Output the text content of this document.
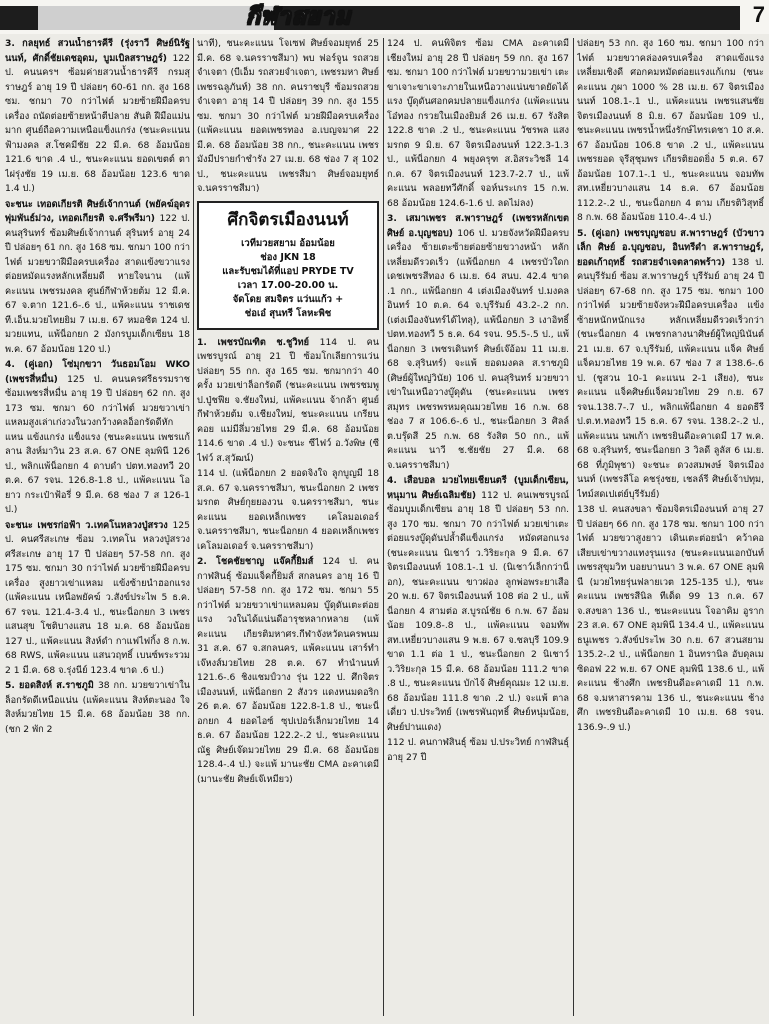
กีฬาสยาม	7

3. กลยุทธ์ สวนน้ำธารคีรี (รุ่งราวี ศิษย์นิรัฐนนท์, ศักดิ์ชัยเดชอุดม, บูมเบิลสราษฎร์) 122 ป. คนนครฯ ซ้อมค่ายสวนน้ำธารคีรี กรมสุราษฎร์ อายุ 19 ปี ปล่อยๆ 60-61 กก. สูง 168 ซม. ชกมา 70 กว่าไฟต์ มวยซ้ายฝีมือครบเครื่อง ถนัดต่อยซ้ายหน้าตีปลาย สันติ ฝีมือแม่นมาก ศูนย์ถือความเหนือแข็งแกร่ง (ชนะคะแนน ฟ้ามงคล ส.โชคมีชัย 22 มี.ค. 68 อ้อมน้อย 121.6 ขาด .4 ป., ชนะคะแนน ยอดเขตต์ ตาไผ่รุ่งชัย 19 เม.ย. 68 อ้อมน้อย 123.6 ขาด 1.4 ป.)

จะชนะ เทอดเกียรติ ศิษย์เจ้ากานต์ (พยัคฆ์อุดร พุ่มพันธ์ม่วง, เทอดเกียรติ จ.ศรีพรีมา) 122 ป. คนสุรินทร์ ซ้อมศิษย์เจ้ากานต์ สุรินทร์ อายุ 24 ปี ปล่อยๆ 61 กก. สูง 168 ซม. ชกมา 100 กว่าไฟต์ มวยขวาฝีมือครบเครื่อง สาดแข้งขวาแรง ต่อยหมัดแรงหลักเหลี่ยมดี หายใจนาน (แพ้คะแนน เพชรมงคล ศูนย์กีฬาห้วยต้ม 12 มี.ค. 67 จ.ตาก 121.6-.6 ป., แพ้คะแนน ราชเดช ที.เอ็น.มวยไทยยิม 7 เม.ย. 67 หมอชิต 124 ป. มวยแทน, แพ้น็อกยก 2 มังกรบูมเด็กเซียน 18 พ.ค. 67 อ้อมน้อย 120 ป.)

4. (คู่เอก) โซ่มุกขวา วันธอมโอม WKO (เพชรสี่หมื่น) 125 ป. คนนครศรีธรรมราช ซ้อมเพชรสี่หมื่น อายุ 19 ปี ปล่อยๆ 62 กก. สูง 173 ซม. ชกมา 60 กว่าไฟต์ มวยขวาเข่าแหลมสูงเล่าเก่งวงในวงกว้างคลอ็อกรัดดีหักแหน แข้งแกร่ง แข็งแรง (ชนะคะแนน เพชรแก้ลาน สิงห์มาวิน 23 ส.ค. 67 ONE ลุมพินี 126 ป., พลิกแพ้น็อกยก 4 ดาบดำ ปตท.ทองทวี 20 ต.ค. 67 รจน. 126.8-1.8 ป., แพ้คะแนน โอยาว กระเป๋าฟ้อรี่ 9 มี.ค. 68 ช่อง 7 ส 126-1 ป.)

จะชนะ เพชรก่อฟ้า ว.เทคโนหลวงปู่สรวง 125 ป. คนศรีสะเกษ ซ้อม ว.เทคโน หลวงปู่สรวง ศรีสะเกษ อายุ 17 ปี ปล่อยๆ 57-58 กก. สูง 175 ซม. ชกมา 30 กว่าไฟต์ มวยซ้ายฝีมือครบเครื่อง สูงยาวเข่าแหลม แข้งซ้ายนำฮอกแรง (แพ้คะแนน เหนือพยัคฆ์ ว.สังข์ประไพ 5 ธ.ค. 67 รจน. 121.4-3.4 ป., ชนะน็อกยก 3 เพชรแสนสุข โชติบางแสน 18 ม.ค. 68 อ้อมน้อย 127 ป., แพ้คะแนน สิงห์ดำ กาแฟไฟกิ้ง 8 ก.พ. 68 RWS, แพ้คะแนน แสนวฤทธิ์ เบนซ์พระรวม 2 1 มี.ค. 68 จ.รุ่งนีย์ 123.4 ขาด .6 ป.)

5. ยอดสิงห์ ส.ราชภูมิ 38 กก. มวยขวาเข่าในล็อกรัดดีเหนือแน่น (แพ้คะแนน สิงห์ตะนอง ใจสิงห์มวยไทย 15 มี.ค. 68 อ้อมน้อย 38 กก. (ชก 2 พัก 2

นาที), ชนะคะแนน โจเซฟ ศิษย์จอมยุทธ์ 25 มี.ค. 68 จ.นครราชสีมา) พบ ฟอร์จูน รถสวยจำเจตา (บีเอ็ม รถสวยจำเจตา, เพชรมหา ศิษย์เพชรฉลูภันท์) 38 กก. คนราชบุรี ซ้อมรถสวยจำเจตา อายุ 14 ปี ปล่อยๆ 39 กก. สูง 155 ซม. ชกมา 30 กว่าไฟต์ มวยฝีมือครบเครื่อง (แพ้คะแนน ยอดเพชรทอง อ.เบญจมาศ 22 มี.ค. 68 อ้อมน้อย 38 กก., ชนะคะแนน เพชรมังมีปรายกำชำรัง 27 เม.ย. 68 ช่อง 7 สุ 102 ป., ชนะคะแนน เพชรสีมา ศิษย์จอมยุทธ์ จ.นครราชสีมา)

ศึกจิตรเมืองนนท์
เวทีมวยสยาม อ้อมน้อย
ช่อง JKN 18
และรับชมได้ที่แอป PRYDE TV
เวลา 17.00-20.00 น.
จัดโดย สมจิตร แว่นแก้ว +
ช่อเอ๋ สุนทรี โลหะพิช

1. เพชรบัณฑิต ช.ชูวิทย์ 114 ป. คนเพชรบูรณ์ อายุ 21 ปี ซ้อมโกเลียการแว่นปล่อยๆ 55 กก. สูง 165 ซม. ชกมากว่า 40 ครั้ง มวยเข่าล็อกรัดดี (ชนะคะแนน เพชรชมพู ป.ปู่ชฟีย จ.ชัยงใหม่, แพ้คะแนน จ้ากล้า ศูนย์กีฬาห้วยต้ม จ.เชียงใหม่, ชนะคะแนน เกรียนคอย แม่มีลึ่มวยไทย 29 มี.ค. 68 อ้อมน้อย 114.6 ขาด .4 ป.) จะชนะ ซีไฟว์ อ.วังพิษ (ซีไฟว์ ส.สุวัฒน์)

114 ป. (แพ้น็อกยก 2 ยอดจิงใจ ลูกบูญมี 18 ส.ค. 67 จ.นครราชสีมา, ชนะน็อกยก 2 เพชรมรกต ศิษย์กุยยองวน จ.นครราชสีมา, ชนะคะแนน ยอดเหล็กเพชร เคโลมอเดอร์ จ.นครราชสีมา, ชนะน็อกยก 4 ยอดเหล็กเพชร เคโลมอเดอร์ จ.นครราชสีมา)

2. โชคชัยชาญ แจ๊คกี้ยิมส์ 124 ป. คนกาฬสินธุ์ ซ้อมแจ็คกี้ยิมส์ สกลนคร อายุ 16 ปี ปล่อยๆ 57-58 กก. สูง 172 ซม. ชกมา 55 กว่าไฟต์ มวยขวาเข่าแหลมคม บู๊ดุดันเตะต่อยแรง วงในได้แน่นดีอารุชหลากหลาย (แพ้คะแนน เกียรติมหาศร.กีฬาจังหวัดนครพนม 31 ส.ค. 67 จ.สกลนคร, แพ้คะแนน เสาร์ทำ เจ๊หงส์มวยไทย 28 ต.ค. 67 ทำนำนนท์ 121.6-.6 ชิงแชมป์วาง รุ่น 122 ป. ศึกจิตรเมืองนนท์, แพ้น็อกยก 2 สังวร แดงหนมดอริก 26 ต.ค. 67 อ้อมน้อย 122.8-1.8 ป., ชนะน็อกยก 4 ยอดไอซ์ ซุปเปอร์เล็กมวยไทย 14 ธ.ค. 67 อ้อมน้อย 122.2-.2 ป., ชนะคะแนน ณัฐ ศิษย์เจ๊ดมวยไทย 29 มี.ค. 68 อ้อมน้อย 128.4-.4 ป.) จะแพ้ มานะชัย CMA อะคาเดมี (มานะชัย ศิษย์เจ๊เหมียว)

124 ป. คนพิจิตร ซ้อม CMA อะคาเดมี เชียงใหม่ อายุ 28 ปี ปล่อยๆ 59 กก. สูง 167 ซม. ชกมา 100 กว่าไฟต์ มวยขวามวยเข่า เตะขาเจาะขาเจาะภายในเหนือวางแน่นขาดยัดได้แรง บู๊ดุดันศอกคมปลายแข็งแกร่ง (แพ้คะแนน โอ๋ทอง กรวยในเมืองยิมส์ 26 เม.ย. 67 รังสิต 122.8 ขาด .2 ป., ชนะคะแนน วัชรพล แสงมรกต 9 มิ.ย. 67 จิตรเมืองนนท์ 122.3-1.3 ป., แพ้น็อกยก 4 พยุงครุฑ ส.อิสระวิชลี 14 ก.ค. 67 จิตรเมืองนนท์ 123.7-2.7 ป., แพ้คะแนน พลอยทวีศักดิ์ จอห์นระเกร 15 ก.พ. 68 อ้อมน้อย 124.6-1.6 ป. ลดไม่ลง)

3. เสมาเพชร ส.พาราษฎร์ (เพชรหลักเขต ศิษย์ อ.บุญชอบ) 106 ป. มวยจังหวัดฝีมือครบเครื่อง ซ้ายเตะซ้ายต่อยซ้ายขวางหน้า หลักเหลี่ยมดีรวดเร็ว (แพ้น็อกยก 4 เพชรบัวใดก เดชเพชรสีทอง 6 เม.ย. 64 สนบ. 42.4 ขาด .1 กก., แพ้น็อกยก 4 เต่งเมืองจันทร์ ป.มงคลอินทร์ 10 ต.ค. 64 จ.บุรีรัมย์ 43.2-.2 กก. (เต่งเมืองจันทร์ได้ไทลุ), แพ้น็อกยก 3 เงาอิทธิ์ ปตท.ทองทวี 5 ธ.ค. 64 รจน. 95.5-.5 ป., แพ้น็อกยก 3 เพชรเดินทร์ ศิษย์เจ๊อ้อม 11 เม.ย. 68 จ.สุรินทร์) จะแพ้ ยอดมงคล ส.ราชภูมิ (ศิษย์ผู้ใหญ่วินัย) 106 ป. คนสุรินทร์ มวยขวาเข่าในเหนือวางบู๊ดุดัน (ชนะคะแนน เพชรสมุทร เพชรพรหมคุณมวยไทย 16 ก.พ. 68 ช่อง 7 ส 106.6-.6 ป., ชนะน็อกยก 3 ศิลล์ ต.บรุ๊ดสี 25 ก.พ. 68 รังสิต 50 กก., แพ้คะแนน นาวี ช.ชัยชัย 27 มี.ค. 68 จ.นครราชสีมา)

4. เสือบอล มวยไทยเชียนตรี (บูมเด็กเซียน, หนุมาน ศิษย์เฉลิมชัย) 112 ป. คนเพชรบูรณ์ ซ้อมบูมเด็กเซียน อายุ 18 ปี ปล่อยๆ 53 กก. สูง 170 ซม. ชกมา 70 กว่าไฟต์ มวยเข่าเตะต่อยแรงบู๊ดุดันปล้ำดีแข็งแกร่ง หมัดศอกแรง (ชนะคะแนน นิเชาว์ ว.วิริยะกุล 9 มี.ค. 67 จิตรเมืองนนท์ 108.1-.1 ป. (นิเชาว์เล็กกว่าน็อก), ชนะคะแนน ขาวผ่อง ลูกพ่อพระยาเสือ 20 พ.ย. 67 จิตรเมืองนนท์ 108 ต่อ 2 ป., แพ้น็อกยก 4 สามต่อ ส.บูรณ์ชัย 6 ก.พ. 67 อ้อมน้อย 109.8-.8 ป., แพ้คะแนน จอมทัพ สท.เหยี่ยวบางแสน 9 พ.ย. 67 จ.ชลบุรี 109.9 ขาด 1.1 ต่อ 1 ป., ชนะน็อกยก 2 นิเชาว์ ว.วิริยะกุล 15 มี.ค. 68 อ้อมน้อย 111.2 ขาด .8 ป., ชนะคะแนน บักไจ้ ศิษย์คุณมะ 12 เม.ย. 68 อ้อมน้อย 111.8 ขาด .2 ป.) จะแพ้ ตาลเดี่ยว ป.ประวิทย์ (เพชรพันฤทธิ์ ศิษย์หนุ่มน้อย, ศิษย์ปานแดง)

112 ป. คนกาฬสินธุ์ ซ้อม ป.ประวิทย์ กาฬสินธุ์ อายุ 27 ปี

ปล่อยๆ 53 กก. สูง 160 ซม. ชกมา 100 กว่าไฟต์ มวยขวาคล่องครบเครื่อง สาดแข้งแรงเหลี่ยมเชิงดี ศอกคมหมัดต่อยแรงแก้เกม (ชนะคะแนน ภูผา 1000 % 28 เม.ย. 67 จิตรเมืองนนท์ 108.1-.1 ป., แพ้คะแนน เพชรแสนชัย จิตรเมืองนนท์ 8 มิ.ย. 67 อ้อมน้อย 109 ป., ชนะคะแนน เพชรน้ำหนึ่งรักษ์ไทรเดชา 10 ส.ค. 67 อ้อมน้อย 106.8 ขาด .2 ป., แพ้คะแนน เพชรยอด จุรีสุชุมพร เกียรติยอดยิ่ง 5 ต.ค. 67 อ้อมน้อย 107.1-.1 ป., ชนะคะแนน จอมทัพ สท.เหยี่ยวบางแสน 14 ธ.ค. 67 อ้อมน้อย 112.2-.2 ป., ชนะน็อกยก 4 ตาม เกียรติวิสุทธิ์ 8 ก.พ. 68 อ้อมน้อย 110.4-.4 ป.)

5. (คู่เอก) เพชรบุญชอบ ส.พาราษฎร์ (บัวขาวเล็ก ศิษย์ อ.บุญชอบ, อินทรีดำ ส.พาราษฎร์, ยอดเก้าฤทธิ์ รถสวยจำเจตลาดพร้าว) 138 ป. คนบุรีรัมย์ ซ้อม ส.พาราษฎร์ บุรีรัมย์ อายุ 24 ปี ปล่อยๆ 67-68 กก. สูง 175 ซม. ชกมา 100 กว่าไฟต์ มวยซ้ายจังหวะฝีมือครบเครื่อง แข้งซ้ายหนักหนักแรง หลักเหลี่ยมดีรวดเร็วกว่า (ชนะน็อกยก 4 เพชรกลางนาศิษย์ผู้ใหญ่นินันต์ 21 เม.ย. 67 จ.บุรีรัมย์, แพ้คะแนน แจ็ค ศิษย์แจ็คมวยไทย 19 พ.ค. 67 ช่อง 7 ส 138.6-.6 ป. (ชูสวน 10-1 คะแนน 2-1 เสียง), ชนะคะแนน แจ็คศิษย์แจ็คมวยไทย 29 ก.ย. 67 รจน.138.7-.7 ป., พลิกแพ้น็อกยก 4 ยอดธีรี ป.ต.ท.ทองทวี 15 ธ.ค. 67 รจน. 138.2-.2 ป., แพ้คะแนน นพเก้า เพชรยินดีอะคาเดมี 17 พ.ค. 68 จ.สุรินทร์, ชนะน็อกยก 3 วิลดี ลูลัส 6 เม.ย. 68 ที่ภูมิพุชา) จะชนะ ดวงสมพงษ์ จิตรเมืองนนท์ (เพชรลีโอ คชรุ่งชย, เชลล์รี ศิษย์เจ้าปทุม, ไทม์สดเปเต่ย์บุรีรัมย์)

138 ป. คนสงขลา ซ้อมจิตรเมืองนนท์ อายุ 27 ปี ปล่อยๆ 66 กก. สูง 178 ซม. ชกมา 100 กว่าไฟต์ มวยขวาสูงยาว เดินเตะต่อยนำ คว้าคอเสียบเข่าขวางแทงรุนแรง (ชนะคะแนนเอกบันท์ เพชรสุขุมวิท บอยบานนา 3 พ.ค. 67 ONE ลุมพินี (มวยไทยรุ่นฟลายเวต 125-135 ป.), ชนะคะแนน เพชรสีนิล ทีเด็ด 99 13 ก.ค. 67 จ.สงขลา 136 ป., ชนะคะแนน โจอาคิม อูราก 23 ส.ค. 67 ONE ลุมพินี 134.4 ป., แพ้คะแนน ธนูเพชร ว.สังข์ประไพ 30 ก.ย. 67 สวนสยาม 135.2-.2 ป., แพ้น็อกยก 1 อินทรานิล อับดุลเมซิดอฟ 22 พ.ย. 67 ONE ลุมพินี 138.6 ป., แพ้คะแนน ช้างศึก เพชรยินดีอะคาเดมี 11 ก.พ. 68 จ.มหาสารคาม 136 ป., ชนะคะแนน ช้างศึก เพชรยินดีอะคาเดมี 10 เม.ย. 68 รจน. 136.9-.9 ป.)
